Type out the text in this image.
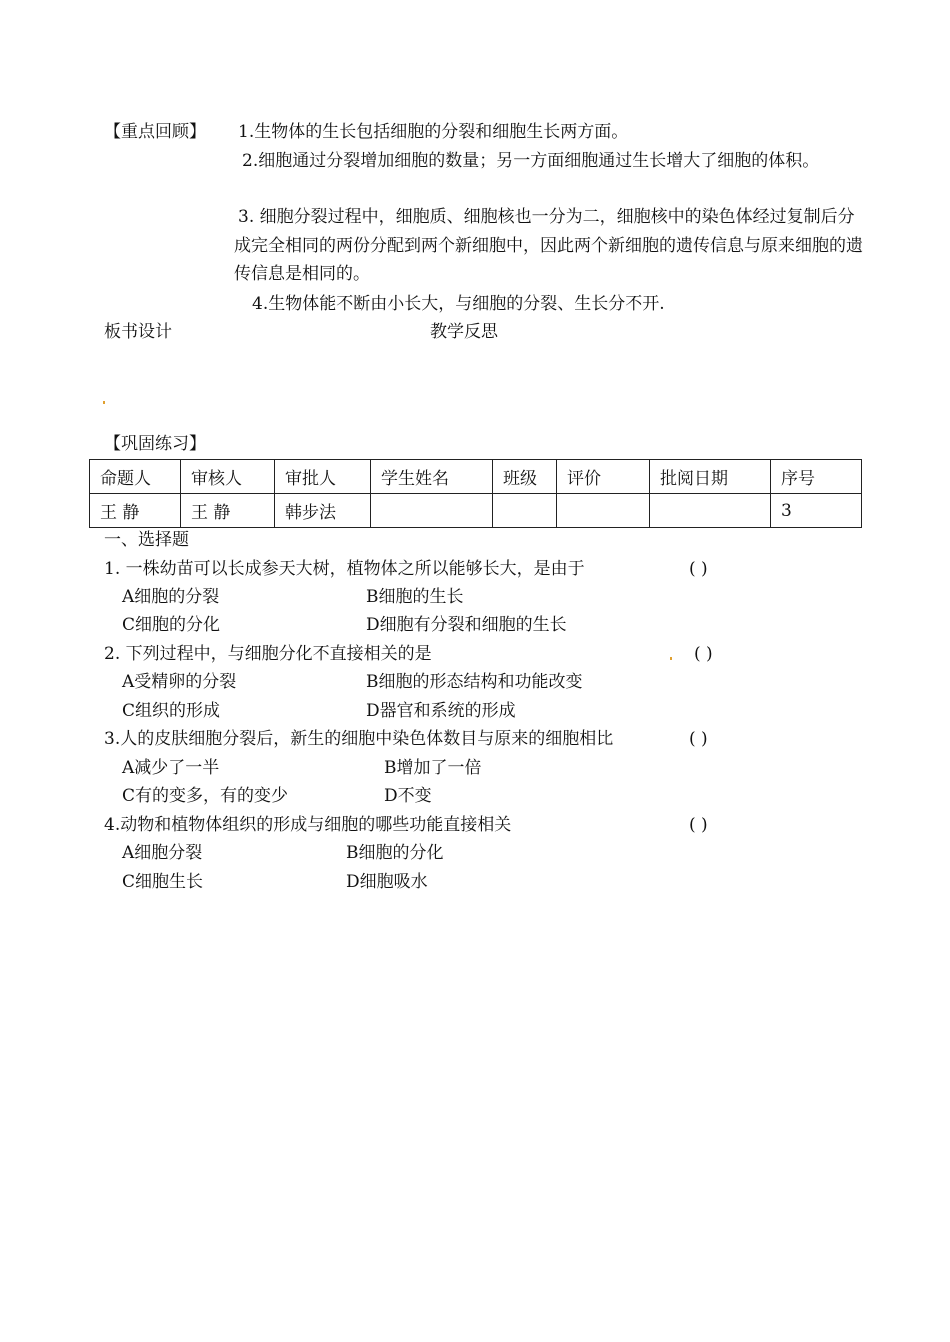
【重点回顾】 1.生物体的生长包括细胞的分裂和细胞生长两方面。
2.细胞通过分裂增加细胞的数量；另一方面细胞通过生长增大了细胞的体积。
3. 细胞分裂过程中，细胞质、细胞核也一分为二，细胞核中的染色体经过复制后分成完全相同的两份分配到两个新细胞中，因此两个新细胞的遗传信息与原来细胞的遗传信息是相同的。
4.生物体能不断由小长大，与细胞的分裂、生长分不开.
板书设计	教学反思
【巩固练习】
命题人	审核人	审批人	学生姓名	班级	评价	批阅日期	序号
王 静	王 静	韩步法					3
一、选择题
1. 一株幼苗可以长成参天大树，植物体之所以能够长大，是由于	( )
A细胞的分裂	B细胞的生长
C细胞的分化	D细胞有分裂和细胞的生长
2. 下列过程中，与细胞分化不直接相关的是	( )
A受精卵的分裂	B细胞的形态结构和功能改变
C组织的形成	D器官和系统的形成
3.人的皮肤细胞分裂后，新生的细胞中染色体数目与原来的细胞相比	( )
A减少了一半	B增加了一倍
C有的变多，有的变少	D不变
4.动物和植物体组织的形成与细胞的哪些功能直接相关	( )
A细胞分裂	B细胞的分化
C细胞生长	D细胞吸水
